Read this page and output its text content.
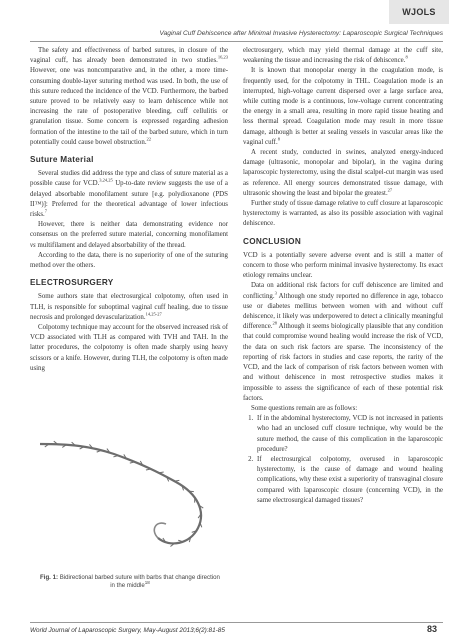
WJOLS
Vaginal Cuff Dehiscence after Minimal Invasive Hysterectomy: Laparoscopic Surgical Techniques

The safety and effectiveness of barbed sutures, in closure of the vaginal cuff, has already been demonstrated in two studies.$^{16,23}$ However, one was noncomparative and, in the other, a more time-consuming double-layer suturing method was used. In both, the use of this suture reduced the incidence of the VCD. Furthermore, the barbed suture proved to be relatively easy to learn dehiscence while not increasing the rate of postoperative bleeding, cuff cellulitis or granulation tissue. Some concern is expressed regarding adhesion formation of the intestine to the tail of the barbed suture, which in turn potentially could cause bowel obstruction.$^{22}$

Suture Material

Several studies did address the type and class of suture material as a possible cause for VCD.$^{3,24,25}$ Up-to-date review suggests the use of a delayed absorbable monofilament suture [e.g. polydioxanone (PDS II™)]: Preferred for the theoretical advantage of lower infectious risks.$^7$

However, there is neither data demonstrating evidence nor consensus on the preferred suture material, concerning monofilament vs multifilament and delayed absorbability of the thread.

According to the data, there is no superiority of one of the suturing method over the others.

ELECTROSURGERY

Some authors state that electrosurgical colpotomy, often used in TLH, is responsible for suboptimal vaginal cuff healing, due to tissue necrosis and prolonged devascularization.$^{14,25-27}$

Colpotomy technique may account for the observed increased risk of VCD associated with TLH as compared with TVH and TAH. In the latter procedures, the colpotomy is often made sharply using heavy scissors or a knife. However, during TLH, the colpotomy is often made using

Fig. 1: Bidirectional barbed suture with barbs that change direction in the middle$^{18}$

electrosurgery, which may yield thermal damage at the cuff site, weakening the tissue and increasing the risk of dehiscence.$^8$

It is known that monopolar energy in the coagulation mode, is frequently used, for the colpotomy in THL. Coagulation mode is an interrupted, high-voltage current dispersed over a large surface area, while cutting mode is a continuous, low-voltage current concentrating the energy in a small area, resulting in more rapid tissue heating and less thermal spread. Coagulation mode may result in more tissue damage, although is better at sealing vessels in vascular areas like the vaginal cuff.$^8$

A recent study, conducted in swines, analyzed energy-induced damage (ultrasonic, monopolar and bipolar), in the vagina during laparoscopic hysterectomy, using the distal scalpel-cut margin was used as reference. All energy sources demonstrated tissue damage, with ultrasonic showing the least and bipolar the greatest.$^{27}$

Further study of tissue damage relative to cuff closure at laparoscopic hysterectomy is warranted, as also its possible association with vaginal dehiscence.

CONCLUSION

VCD is a potentially severe adverse event and is still a matter of concern to those who perform minimal invasive hysterectomy. Its exact etiology remains unclear.

Data on additional risk factors for cuff dehiscence are limited and conflicting.$^3$ Although one study reported no difference in age, tobacco use or diabetes mellitus between women with and without cuff dehiscence, it likely was underpowered to detect a clinically meaningful difference.$^{28}$ Although it seems biologically plausible that any condition that could compromise wound healing would increase the risk of VCD, the data on such risk factors are sparse. The inconsistency of the reporting of risk factors in studies and case reports, the rarity of the VCD, and the lack of comparison of risk factors between women with and without dehiscence in most retrospective studies makes it impossible to assess the significance of each of these potential risk factors.

Some questions remain are as follows:

1. If in the abdominal hysterectomy, VCD is not increased in patients who had an unclosed cuff closure technique, why would be the suture method, the cause of this complication in the laparoscopic procedure?
2. If electrosurgical colpotomy, overused in laparoscopic hysterectomy, is the cause of damage and wound healing complications, why these exist a superiority of transvaginal closure compared with laparoscopic closure (concerning VCD), in the same electrosurgical damaged tissues?
World Journal of Laparoscopic Surgery, May-August 2013;6(2):81-85	83
